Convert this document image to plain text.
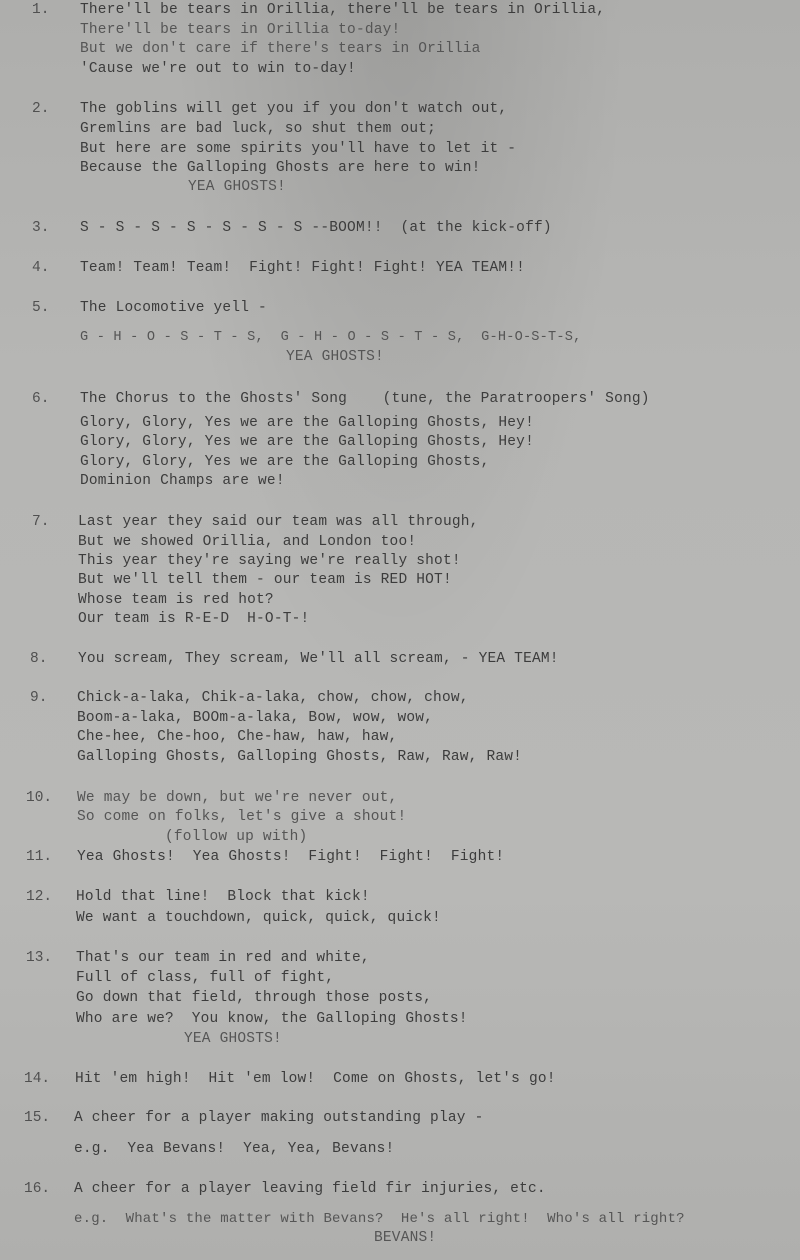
1. There'll be tears in Orillia, there'll be tears in Orillia,
There'll be tears in Orillia to-day!
But we don't care if there's tears in Orillia
'Cause we're out to win to-day!
2. The goblins will get you if you don't watch out,
Gremlins are bad luck, so shut them out;
But here are some spirits you'll have to let it -
Because the Galloping Ghosts are here to win!
YEA GHOSTS!
3. S - S - S - S - S - S - S --BOOM!!  (at the kick-off)
4. Team! Team! Team!  Fight! Fight! Fight! YEA TEAM!!
5. The Locomotive yell -
G - H - O - S - T - S,  G - H - O - S - T - S,  G-H-O-S-T-S,
YEA GHOSTS!
6. The Chorus to the Ghosts' Song    (tune, the Paratroopers' Song)
Glory, Glory, Yes we are the Galloping Ghosts, Hey!
Glory, Glory, Yes we are the Galloping Ghosts, Hey!
Glory, Glory, Yes we are the Galloping Ghosts,
Dominion Champs are we!
7. Last year they said our team was all through,
But we showed Orillia, and London too!
This year they're saying we're really shot!
But we'll tell them - our team is RED HOT!
Whose team is red hot?
Our team is R-E-D  H-O-T-!
8. You scream, They scream, We'll all scream, - YEA TEAM!
9. Chick-a-laka, Chik-a-laka, chow, chow, chow,
Boom-a-laka, BOOm-a-laka, Bow, wow, wow,
Che-hee, Che-hoo, Che-haw, haw, haw,
Galloping Ghosts, Galloping Ghosts, Raw, Raw, Raw!
10. We may be down, but we're never out,
So come on folks, let's give a shout!
(follow up with)
11. Yea Ghosts!  Yea Ghosts!  Fight!  Fight!  Fight!
12. Hold that line!  Block that kick!
We want a touchdown, quick, quick, quick!
13. That's our team in red and white,
Full of class, full of fight,
Go down that field, through those posts,
Who are we?  You know, the Galloping Ghosts!
YEA GHOSTS!
14. Hit 'em high!  Hit 'em low!  Come on Ghosts, let's go!
15. A cheer for a player making outstanding play -
e.g.  Yea Bevans!  Yea, Yea, Bevans!
16. A cheer for a player leaving field fir injuries, etc.
e.g.  What's the matter with Bevans?  He's all right!  Who's all right?
BEVANS!
